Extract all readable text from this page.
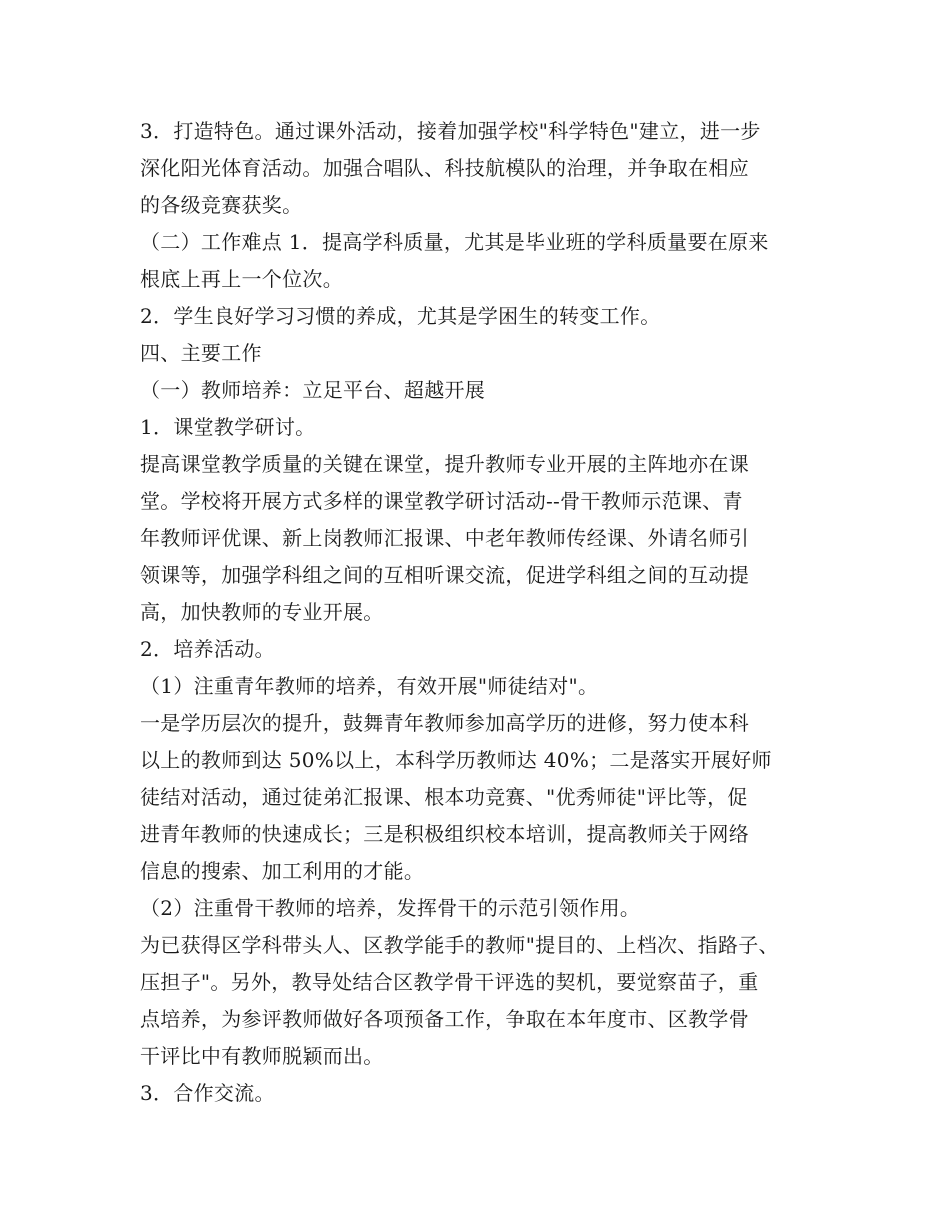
3．打造特色。通过课外活动，接着加强学校"科学特色"建立，进一步
深化阳光体育活动。加强合唱队、科技航模队的治理，并争取在相应
的各级竞赛获奖。
（二）工作难点 1．提高学科质量，尤其是毕业班的学科质量要在原来
根底上再上一个位次。
2．学生良好学习习惯的养成，尤其是学困生的转变工作。
四、主要工作
（一）教师培养：立足平台、超越开展
1．课堂教学研讨。
提高课堂教学质量的关键在课堂，提升教师专业开展的主阵地亦在课
堂。学校将开展方式多样的课堂教学研讨活动--骨干教师示范课、青
年教师评优课、新上岗教师汇报课、中老年教师传经课、外请名师引
领课等，加强学科组之间的互相听课交流，促进学科组之间的互动提
高，加快教师的专业开展。
2．培养活动。
（1）注重青年教师的培养，有效开展"师徒结对"。
一是学历层次的提升，鼓舞青年教师参加高学历的进修，努力使本科
以上的教师到达 50%以上，本科学历教师达 40%；二是落实开展好师
徒结对活动，通过徒弟汇报课、根本功竞赛、"优秀师徒"评比等，促
进青年教师的快速成长；三是积极组织校本培训，提高教师关于网络
信息的搜索、加工利用的才能。
（2）注重骨干教师的培养，发挥骨干的示范引领作用。
为已获得区学科带头人、区教学能手的教师"提目的、上档次、指路子、
压担子"。另外，教导处结合区教学骨干评选的契机，要觉察苗子，重
点培养，为参评教师做好各项预备工作，争取在本年度市、区教学骨
干评比中有教师脱颖而出。
3．合作交流。
